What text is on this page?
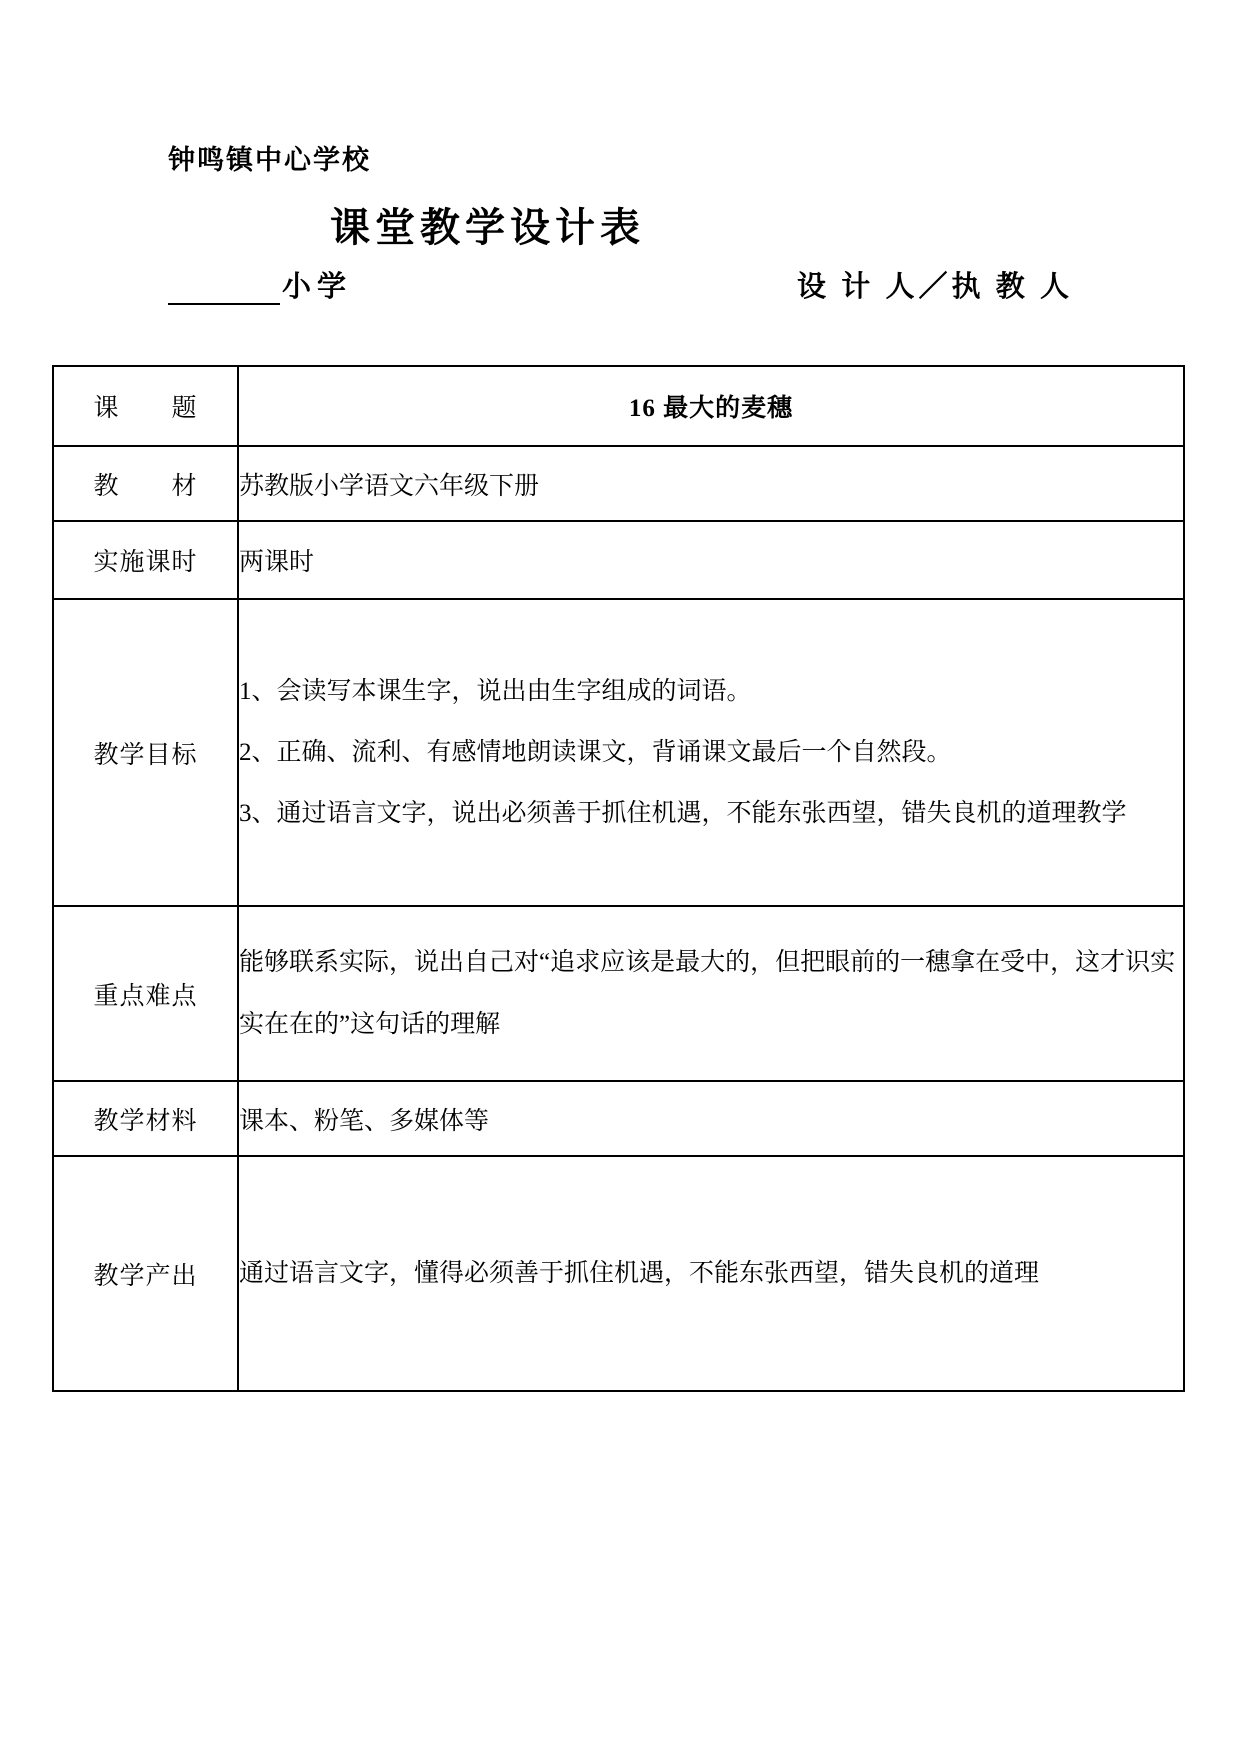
钟鸣镇中心学校
课堂教学设计表
小学	设 计 人／执 教 人
课　　题	16 最大的麦穗
教　　材	苏教版小学语文六年级下册
实施课时	两课时
教学目标	1、会读写本课生字，说出由生字组成的词语。

2、正确、流利、有感情地朗读课文，背诵课文最后一个自然段。

3、通过语言文字，说出必须善于抓住机遇，不能东张西望，错失良机的道理教学

重点难点	能够联系实际，说出自己对“追求应该是最大的，但把眼前的一穗拿在受中，这才识实实在在的”这句话的理解

教学材料	课本、粉笔、多媒体等
教学产出	通过语言文字，懂得必须善于抓住机遇，不能东张西望，错失良机的道理
